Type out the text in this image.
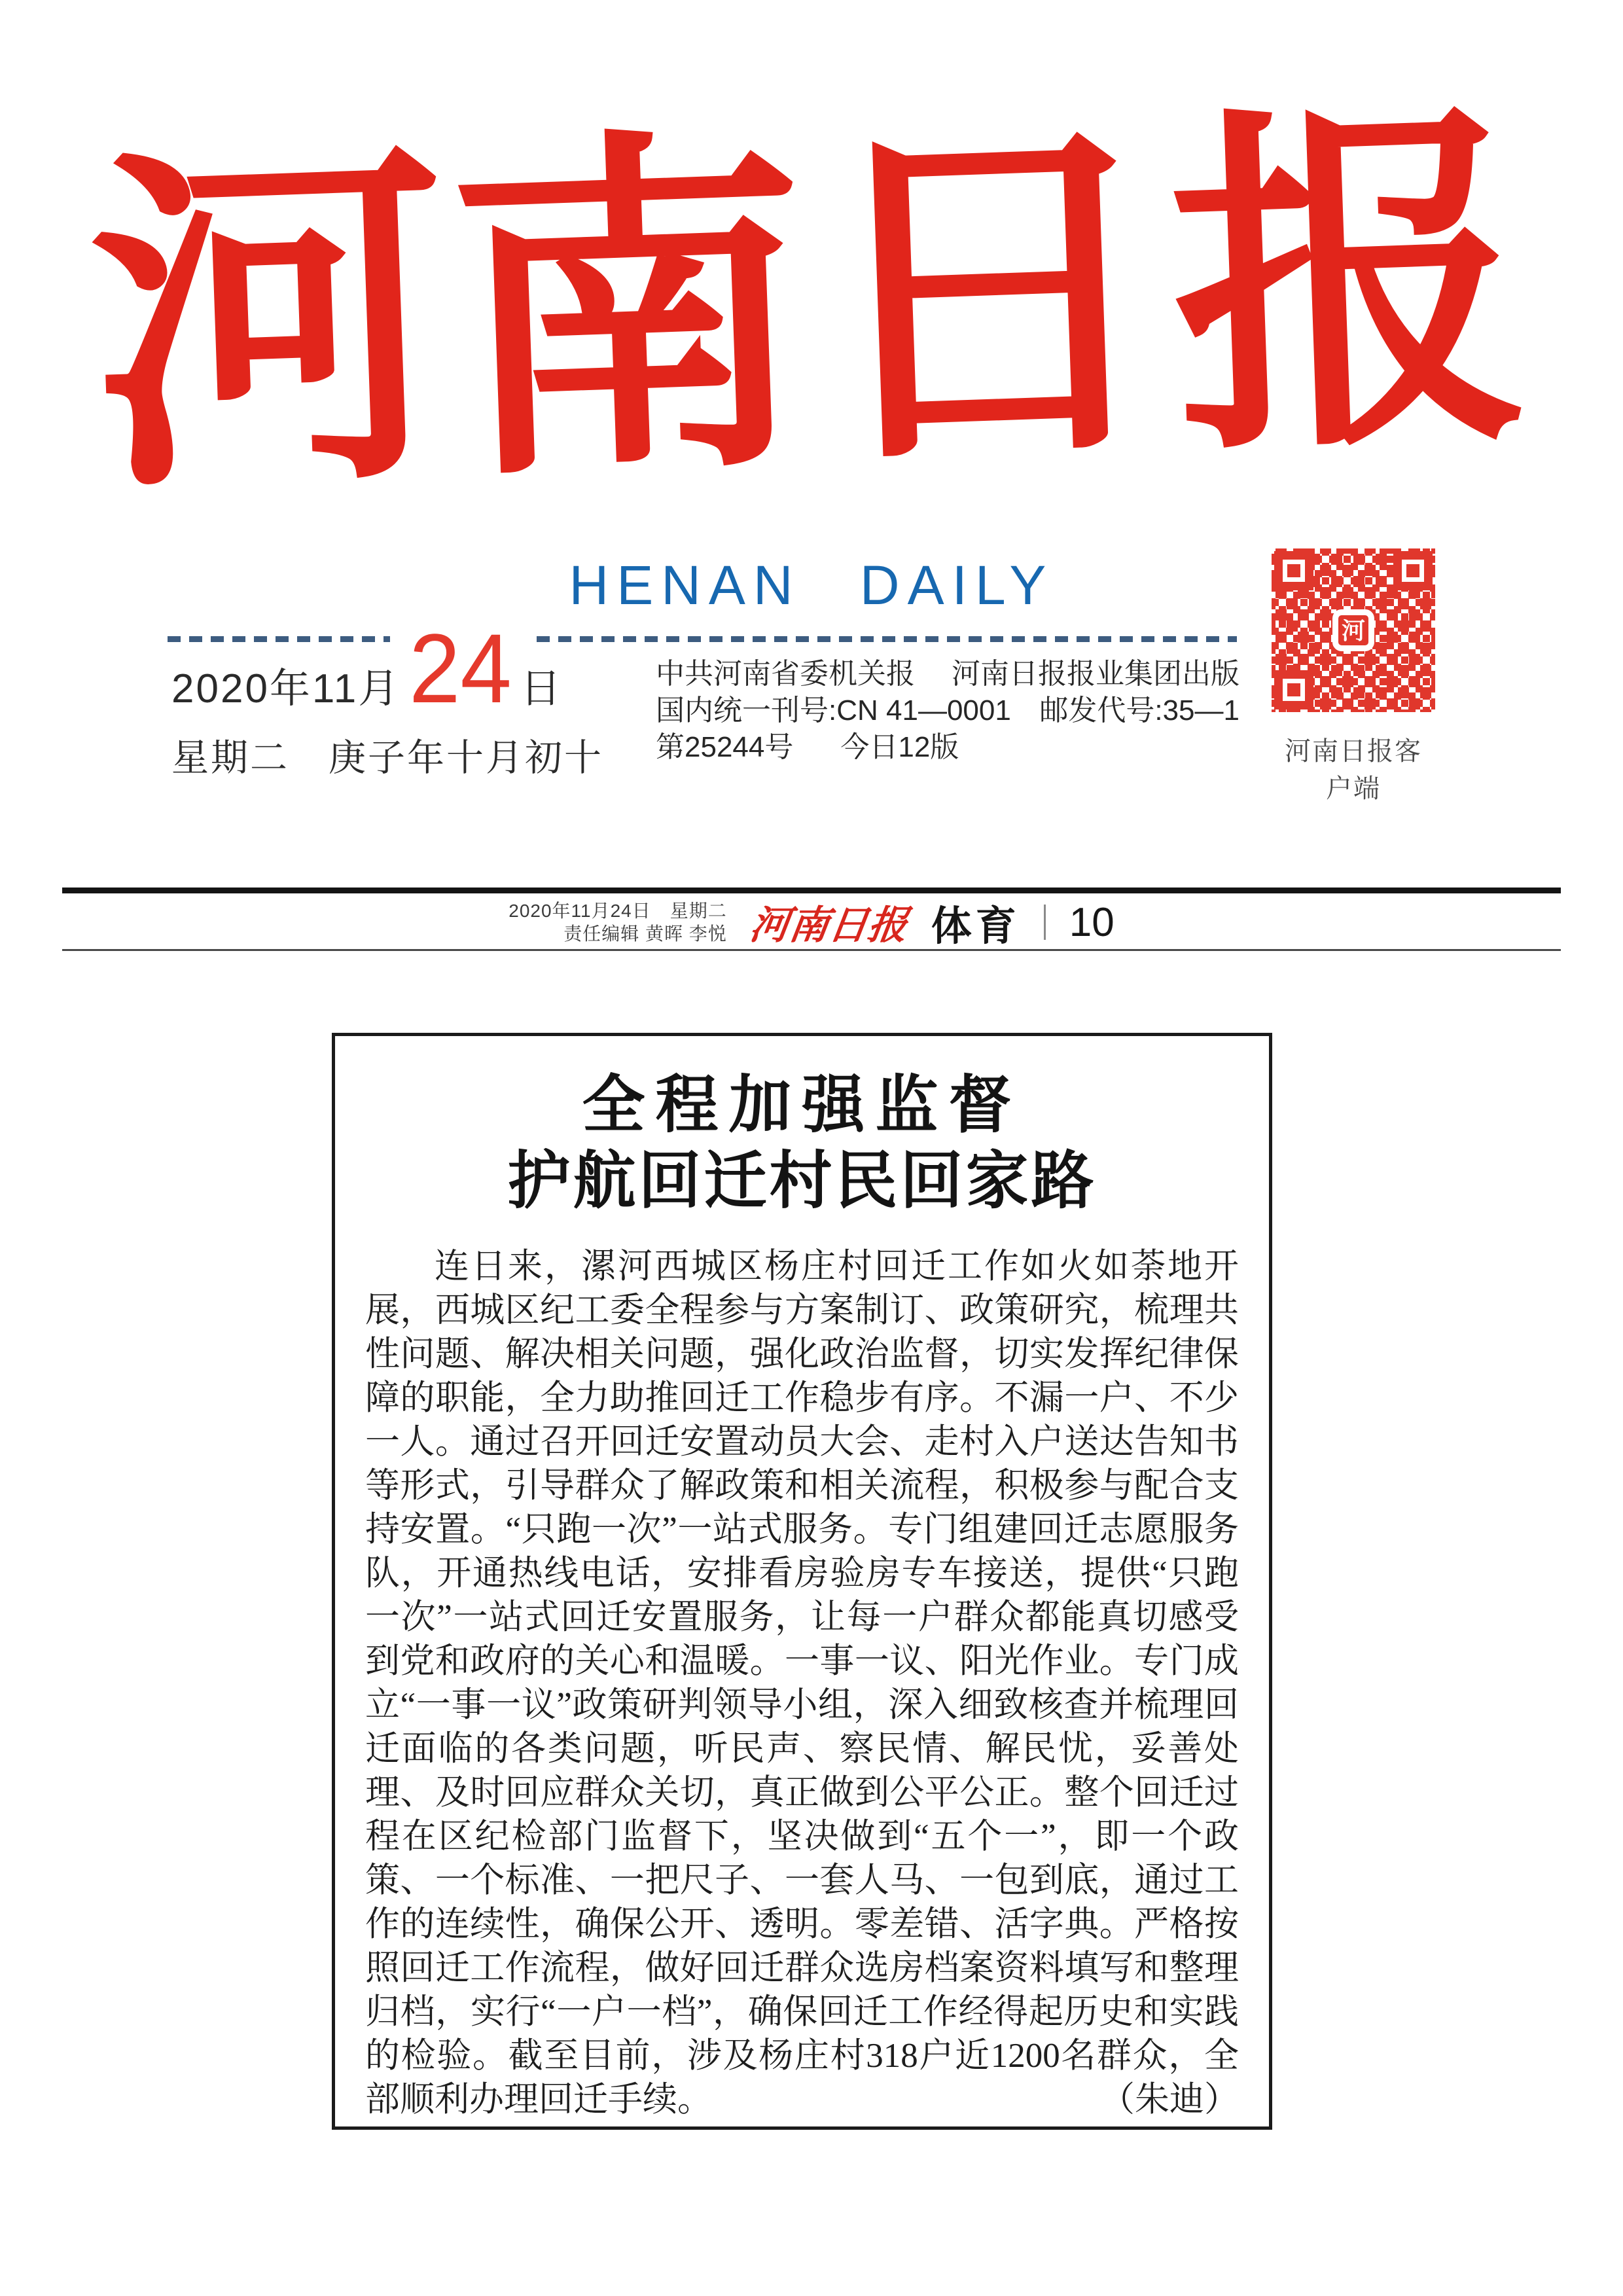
河南日报
HENAN DAILY
2020年11月 24 日
星期二　庚子年十月初十
中共河南省委机关报 河南日报报业集团出版
国内统一刊号:CN 41—0001 邮发代号:35—1
第25244号 今日12版
河
河南日报客户端
2020年11月24日　星期二
责任编辑 黄晖 李悦 河南日报 体育 10
全程加强监督
护航回迁村民回家路

连日来，漯河西城区杨庄村回迁工作如火如荼地开展，西城区纪工委全程参与方案制订、政策研究，梳理共性问题、解决相关问题，强化政治监督，切实发挥纪律保障的职能，全力助推回迁工作稳步有序。不漏一户、不少一人。通过召开回迁安置动员大会、走村入户送达告知书等形式，引导群众了解政策和相关流程，积极参与配合支持安置。“只跑一次”一站式服务。专门组建回迁志愿服务队，开通热线电话，安排看房验房专车接送，提供“只跑一次”一站式回迁安置服务，让每一户群众都能真切感受到党和政府的关心和温暖。一事一议、阳光作业。专门成立“一事一议”政策研判领导小组，深入细致核查并梳理回迁面临的各类问题，听民声、察民情、解民忧，妥善处理、及时回应群众关切，真正做到公平公正。整个回迁过程在区纪检部门监督下，坚决做到“五个一”，即一个政策、一个标准、一把尺子、一套人马、一包到底，通过工作的连续性，确保公开、透明。零差错、活字典。严格按照回迁工作流程，做好回迁群众选房档案资料填写和整理归档，实行“一户一档”，确保回迁工作经得起历史和实践的检验。截至目前，涉及杨庄村318户近1200名群众，全部顺利办理回迁手续。	（朱迪）
